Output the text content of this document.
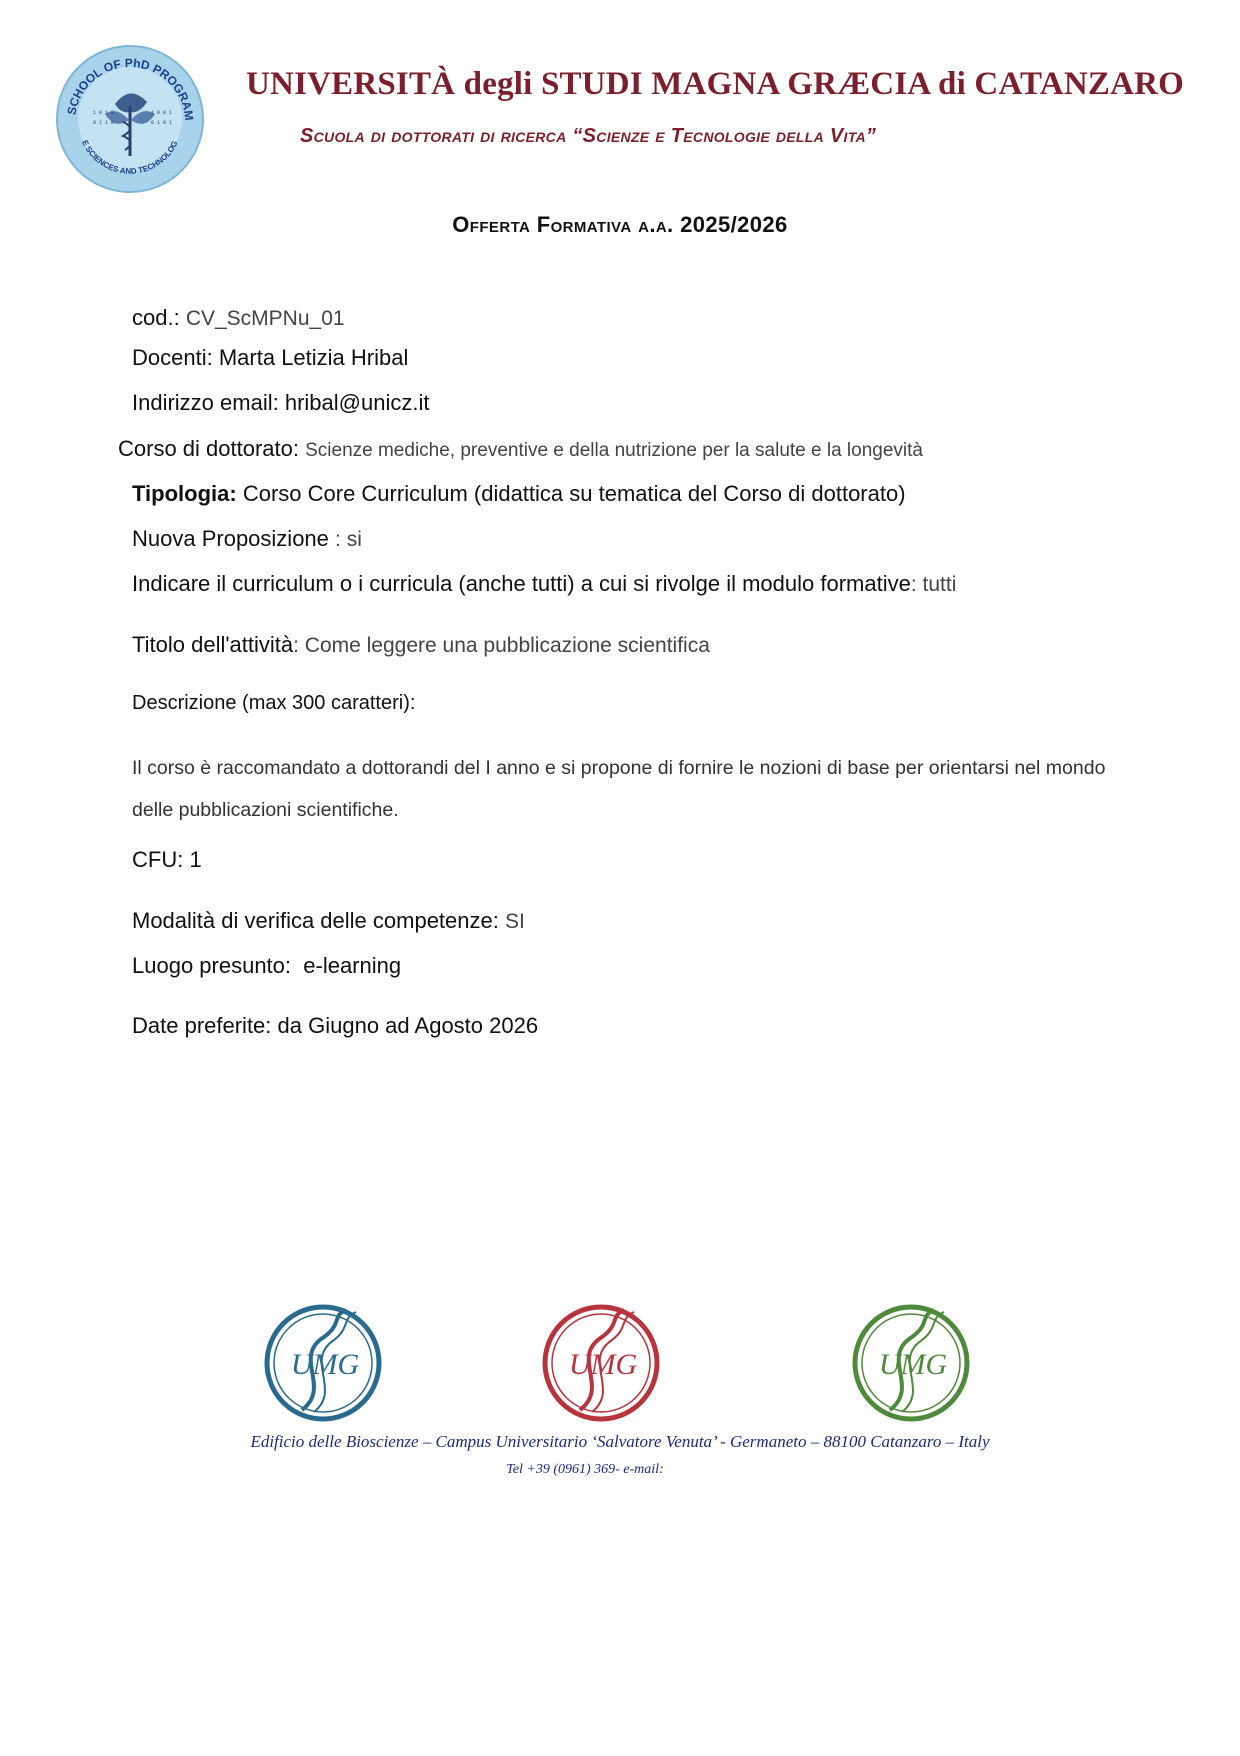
SCHOOL OF PhD PROGRAM
E SCIENCES AND TECHNOLOG
1 0 1 0
0 1 1 0
1 0 0 1
0 1 0 1
UNIVERSITÀ degli STUDI MAGNA GRÆCIA di CATANZARO
Scuola di dottorati di ricerca “Scienze e Tecnologie della Vita”
Offerta Formativa a.a. 2025/2026
cod.: CV_ScMPNu_01
Docenti: Marta Letizia Hribal
Indirizzo email: hribal@unicz.it
Corso di dottorato: Scienze mediche, preventive e della nutrizione per la salute e la longevità
Tipologia: Corso Core Curriculum (didattica su tematica del Corso di dottorato)
Nuova Proposizione : si
Indicare il curriculum o i curricula (anche tutti) a cui si rivolge il modulo formative: tutti
Titolo dell'attività: Come leggere una pubblicazione scientifica
Descrizione (max 300 caratteri):
Il corso è raccomandato a dottorandi del I anno e si propone di fornire le nozioni di base per orientarsi nel mondo delle pubblicazioni scientifiche.
CFU: 1
Modalità di verifica delle competenze: SI
Luogo presunto: e-learning
Date preferite: da Giugno ad Agosto 2026
UMG	UMG	UMG
Edificio delle Bioscienze – Campus Universitario ‘Salvatore Venuta’ - Germaneto – 88100 Catanzaro – Italy
Tel +39 (0961) 369- e-mail:
